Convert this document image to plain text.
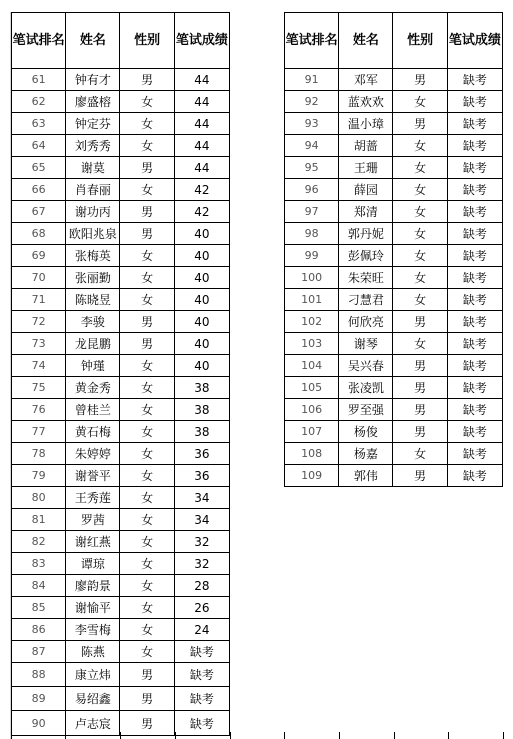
笔试排名	姓名	性别	笔试成绩
61	钟有才	男	44
62	廖盛榕	女	44
63	钟定芬	女	44
64	刘秀秀	女	44
65	谢莫	男	44
66	肖春丽	女	42
67	谢功丙	男	42
68	欧阳兆泉	男	40
69	张梅英	女	40
70	张丽勤	女	40
71	陈晓昱	女	40
72	李骏	男	40
73	龙昆鹏	男	40
74	钟瑾	女	40
75	黄金秀	女	38
76	曾桂兰	女	38
77	黄石梅	女	38
78	朱婷婷	女	36
79	谢誉平	女	36
80	王秀莲	女	34
81	罗茜	女	34
82	谢红燕	女	32
83	谭琼	女	32
84	廖韵景	女	28
85	谢愉平	女	26
86	李雪梅	女	24
87	陈燕	女	缺考
88	康立炜	男	缺考
89	易绍鑫	男	缺考
90	卢志宸	男	缺考
笔试排名	姓名	性别	笔试成绩
91	邓军	男	缺考
92	蓝欢欢	女	缺考
93	温小璋	男	缺考
94	胡蔷	女	缺考
95	王珊	女	缺考
96	薛园	女	缺考
97	郑清	女	缺考
98	郭丹妮	女	缺考
99	彭佩玲	女	缺考
100	朱荣旺	女	缺考
101	刁慧君	女	缺考
102	何欣亮	男	缺考
103	谢琴	女	缺考
104	吴兴春	男	缺考
105	张凌凯	男	缺考
106	罗至强	男	缺考
107	杨俊	男	缺考
108	杨嘉	女	缺考
109	郭伟	男	缺考
